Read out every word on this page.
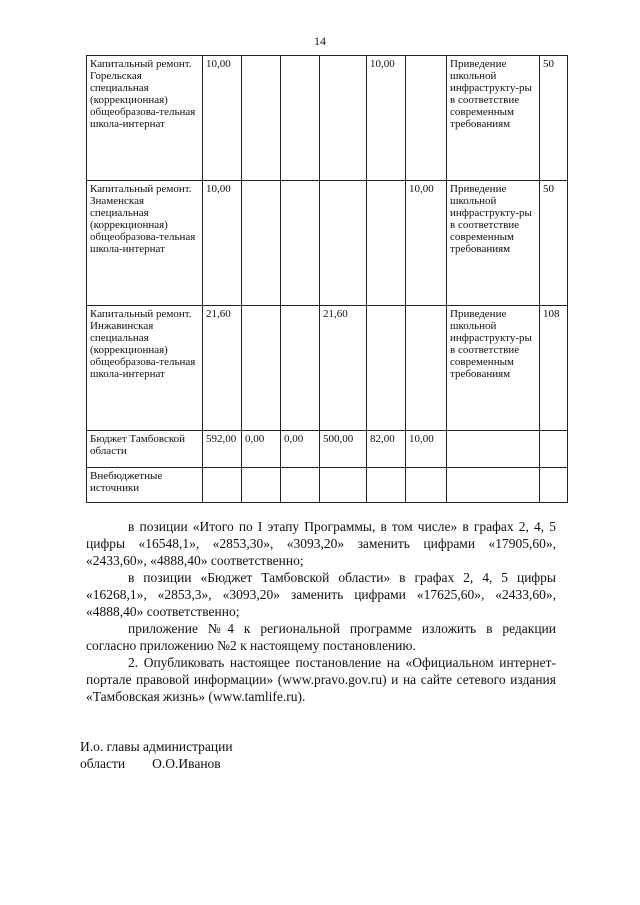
14
Капитальный ремонт. Горельская специальная (коррекционная) общеобразова-тельная школа-интернат	10,00				10,00		Приведение школьной инфраструкту-ры в соответствие современным требованиям	50
Капитальный ремонт. Знаменская специальная (коррекционная) общеобразова-тельная школа-интернат	10,00					10,00	Приведение школьной инфраструкту-ры в соответствие современным требованиям	50
Капитальный ремонт. Инжавинская специальная (коррекционная) общеобразова-тельная школа-интернат	21,60			21,60			Приведение школьной инфраструкту-ры в соответствие современным требованиям	108
Бюджет Тамбовской области	592,00	0,00	0,00	500,00	82,00	10,00		
Внебюджетные источники								

в позиции «Итого по I этапу Программы, в том числе» в графах 2, 4, 5 цифры «16548,1», «2853,30», «3093,20» заменить цифрами «17905,60», «2433,60», «4888,40» соответственно;

в позиции «Бюджет Тамбовской области» в графах 2, 4, 5 цифры «16268,1», «2853,3», «3093,20» заменить цифрами «17625,60», «2433,60», «4888,40» соответственно;

приложение №4 к региональной программе изложить в редакции согласно приложению №2 к настоящему постановлению.

2. Опубликовать настоящее постановление на «Официальном интернет-портале правовой информации» (www.pravo.gov.ru) и на сайте сетевого издания «Тамбовская жизнь» (www.tamlife.ru).

И.о. главы администрации
области О.О.Иванов
